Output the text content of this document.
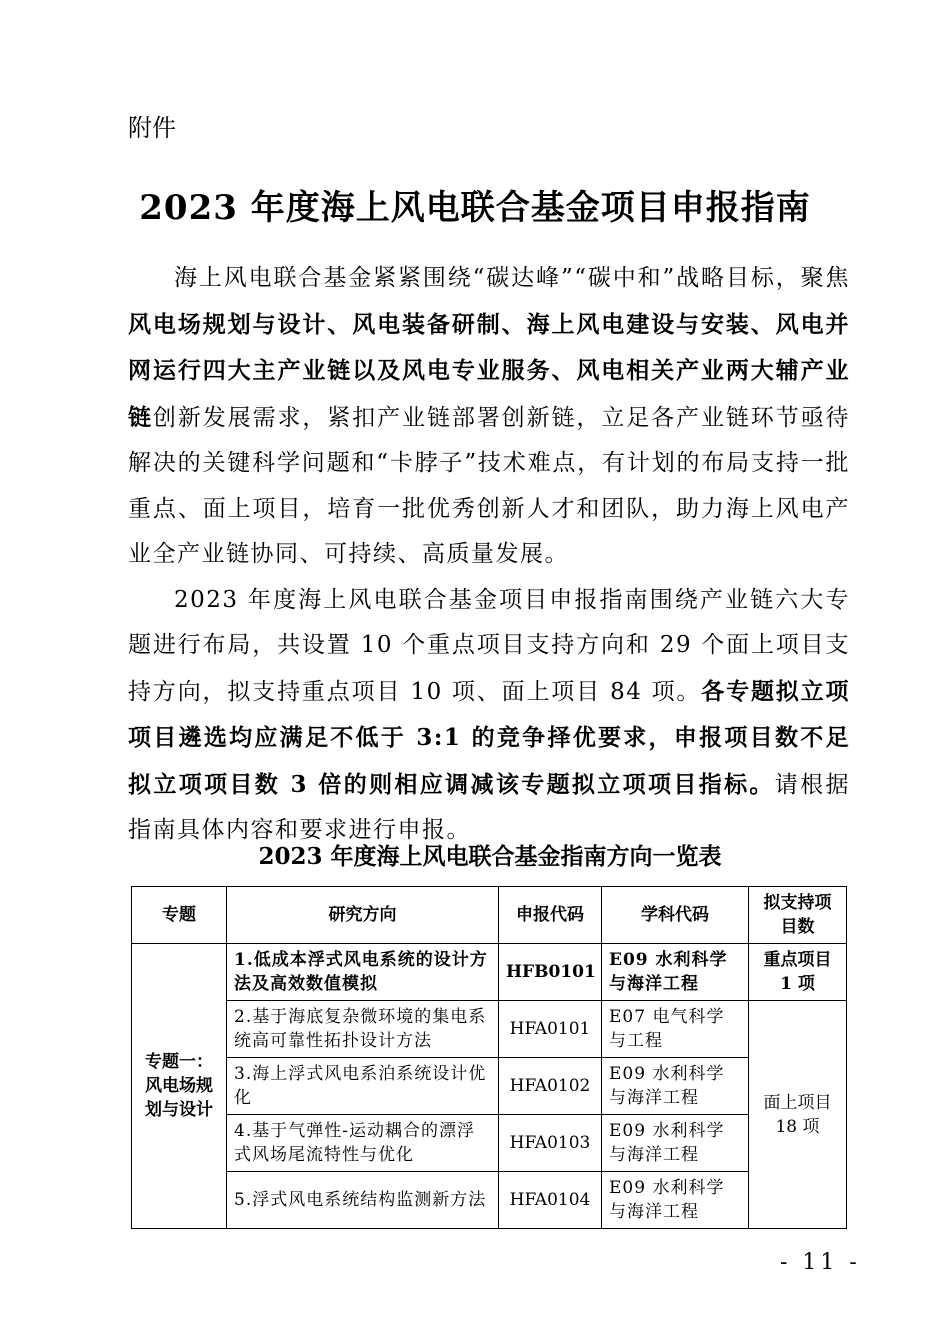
附件
2023 年度海上风电联合基金项目申报指南

海上风电联合基金紧紧围绕“碳达峰”“碳中和”战略目标，聚焦风电场规划与设计、风电装备研制、海上风电建设与安装、风电并网运行四大主产业链以及风电专业服务、风电相关产业两大辅产业链创新发展需求，紧扣产业链部署创新链，立足各产业链环节亟待解决的关键科学问题和“卡脖子”技术难点，有计划的布局支持一批重点、面上项目，培育一批优秀创新人才和团队，助力海上风电产业全产业链协同、可持续、高质量发展。

2023 年度海上风电联合基金项目申报指南围绕产业链六大专题进行布局，共设置 10 个重点项目支持方向和 29 个面上项目支持方向，拟支持重点项目 10 项、面上项目 84 项。各专题拟立项项目遴选均应满足不低于 3:1 的竞争择优要求，申报项目数不足拟立项项目数 3 倍的则相应调减该专题拟立项项目指标。请根据指南具体内容和要求进行申报。

2023 年度海上风电联合基金指南方向一览表
专题	研究方向	申报代码	学科代码	拟支持项目数
专题一：风电场规划与设计	1.低成本浮式风电系统的设计方法及高效数值模拟	HFB0101	E09 水利科学与海洋工程	重点项目 1 项
	2.基于海底复杂微环境的集电系统高可靠性拓扑设计方法	HFA0101	E07 电气科学与工程	面上项目 18 项
	3.海上浮式风电系泊系统设计优化	HFA0102	E09 水利科学与海洋工程	
	4.基于气弹性-运动耦合的漂浮式风场尾流特性与优化	HFA0103	E09 水利科学与海洋工程	
	5.浮式风电系统结构监测新方法	HFA0104	E09 水利科学与海洋工程	
- 11 -
